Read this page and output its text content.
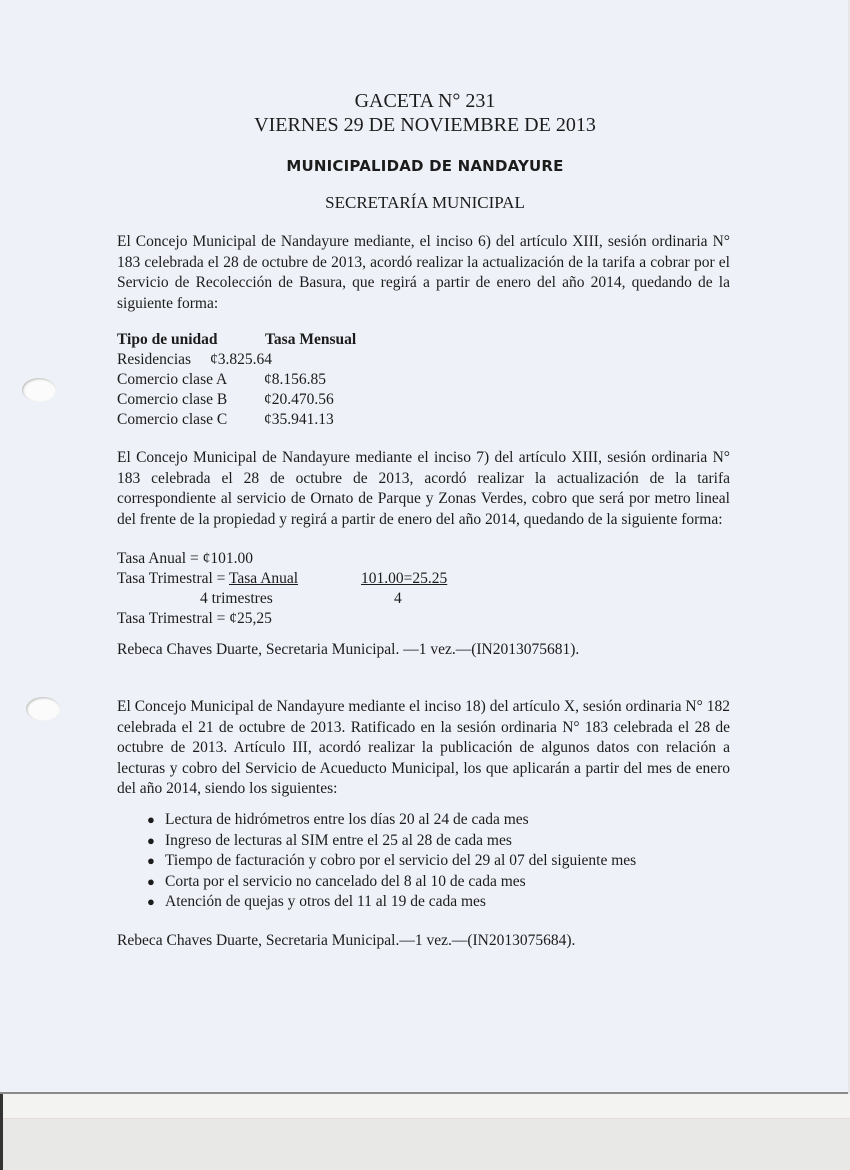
GACETA N° 231
VIERNES 29 DE NOVIEMBRE DE 2013
MUNICIPALIDAD DE NANDAYURE
SECRETARÍA MUNICIPAL
El Concejo Municipal de Nandayure mediante, el inciso 6) del artículo XIII, sesión ordinaria N° 183 celebrada el 28 de octubre de 2013, acordó realizar la actualización de la tarifa a cobrar por el Servicio de Recolección de Basura, que regirá a partir de enero del año 2014, quedando de la siguiente forma:
Tipo de unidad	Tasa Mensual
Residencias ¢3.825.64
Comercio clase A ¢8.156.85
Comercio clase B ¢20.470.56
Comercio clase C ¢35.941.13
El Concejo Municipal de Nandayure mediante el inciso 7) del artículo XIII, sesión ordinaria N° 183 celebrada el 28 de octubre de 2013, acordó realizar la actualización de la tarifa correspondiente al servicio de Ornato de Parque y Zonas Verdes, cobro que será por metro lineal del frente de la propiedad y regirá a partir de enero del año 2014, quedando de la siguiente forma:
Tasa Anual = ¢101.00
Tasa Trimestral = Tasa Anual	101.00=25.25
4 trimestres	4
Tasa Trimestral = ¢25,25
Rebeca Chaves Duarte, Secretaria Municipal. —1 vez.—(IN2013075681).
El Concejo Municipal de Nandayure mediante el inciso 18) del artículo X, sesión ordinaria N° 182 celebrada el 21 de octubre de 2013. Ratificado en la sesión ordinaria N° 183 celebrada el 28 de octubre de 2013. Artículo III, acordó realizar la publicación de algunos datos con relación a lecturas y cobro del Servicio de Acueducto Municipal, los que aplicarán a partir del mes de enero del año 2014, siendo los siguientes:
● Lectura de hidrómetros entre los días 20 al 24 de cada mes
● Ingreso de lecturas al SIM entre el 25 al 28 de cada mes
● Tiempo de facturación y cobro por el servicio del 29 al 07 del siguiente mes
● Corta por el servicio no cancelado del 8 al 10 de cada mes
● Atención de quejas y otros del 11 al 19 de cada mes
Rebeca Chaves Duarte, Secretaria Municipal.—1 vez.—(IN2013075684).
